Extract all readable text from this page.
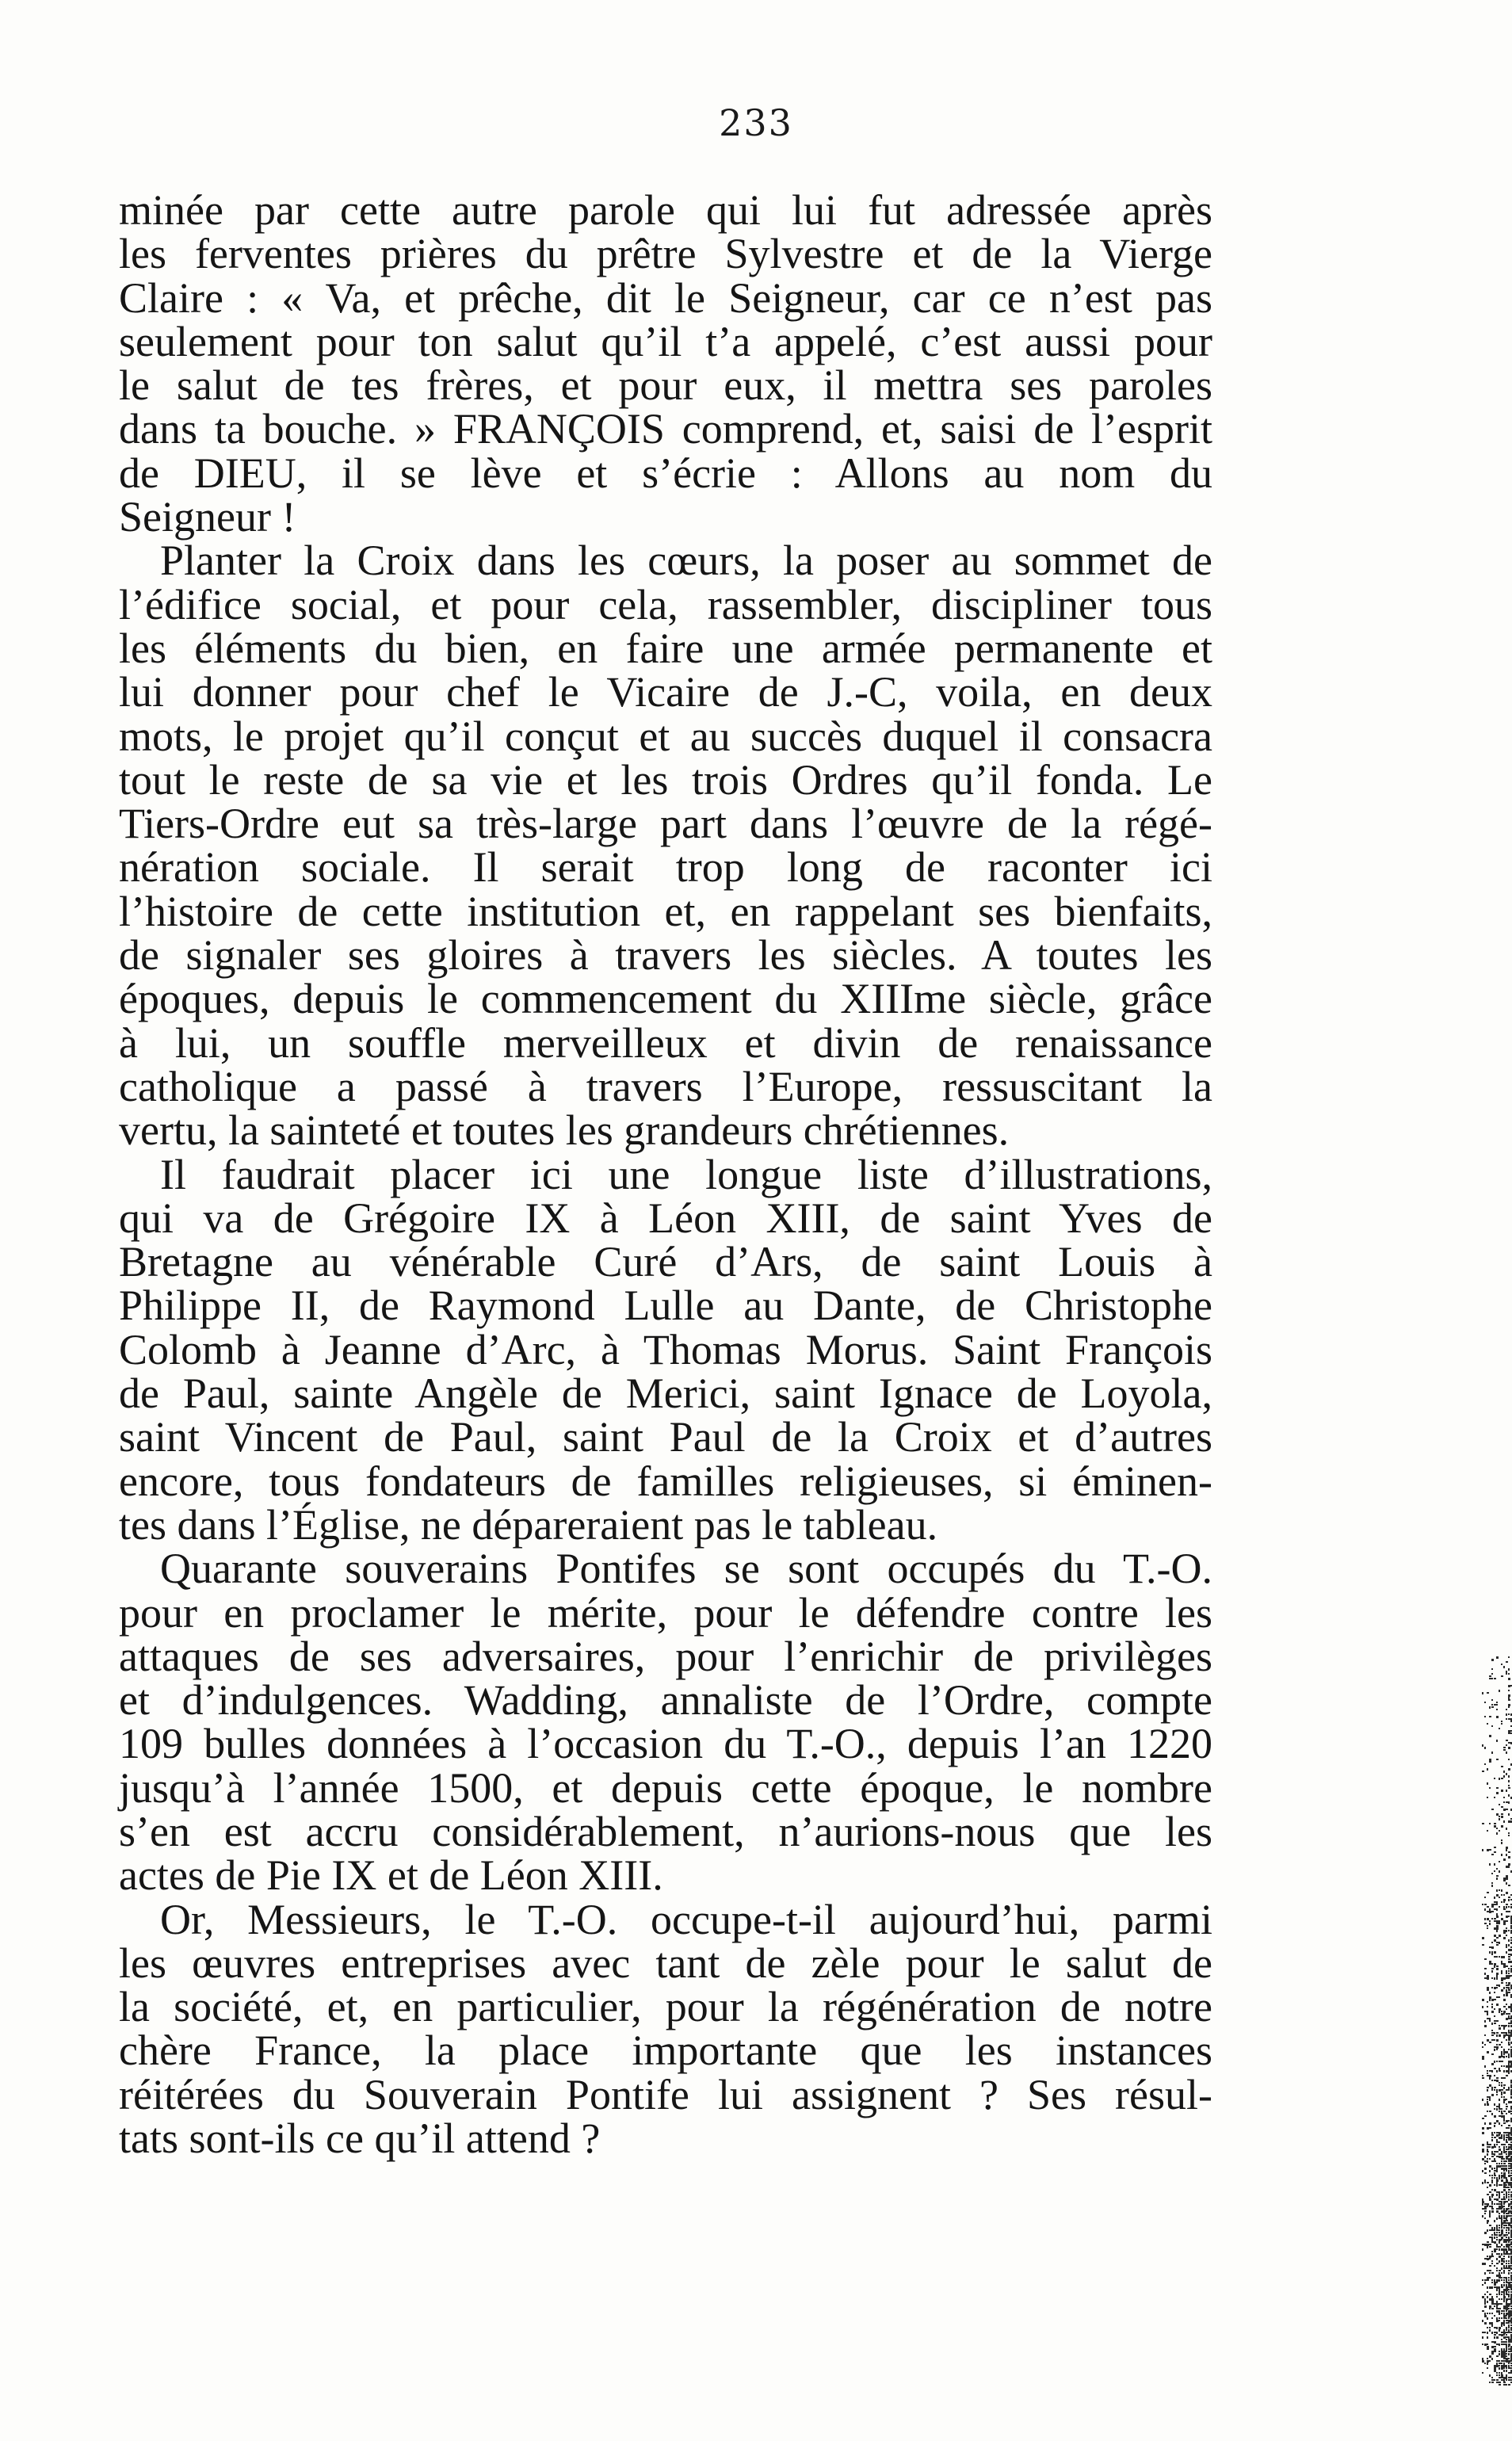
233
minée par cette autre parole qui lui fut adressée après
les ferventes prières du prêtre Sylvestre et de la Vierge
Claire : « Va, et prêche, dit le Seigneur, car ce n’est pas
seulement pour ton salut qu’il t’a appelé, c’est aussi pour
le salut de tes frères, et pour eux, il mettra ses paroles
dans ta bouche. » FRANÇOIS comprend, et, saisi de l’esprit
de DIEU, il se lève et s’écrie : Allons au nom du
Seigneur !
Planter la Croix dans les cœurs, la poser au sommet de
l’édifice social, et pour cela, rassembler, discipliner tous
les éléments du bien, en faire une armée permanente et
lui donner pour chef le Vicaire de J.-C, voila, en deux
mots, le projet qu’il conçut et au succès duquel il consacra
tout le reste de sa vie et les trois Ordres qu’il fonda. Le
Tiers-Ordre eut sa très-large part dans l’œuvre de la régé-
nération sociale. Il serait trop long de raconter ici
l’histoire de cette institution et, en rappelant ses bienfaits,
de signaler ses gloires à travers les siècles. A toutes les
époques, depuis le commencement du XIIIme siècle, grâce
à lui, un souffle merveilleux et divin de renaissance
catholique a passé à travers l’Europe, ressuscitant la
vertu, la sainteté et toutes les grandeurs chrétiennes.
Il faudrait placer ici une longue liste d’illustrations,
qui va de Grégoire IX à Léon XIII, de saint Yves de
Bretagne au vénérable Curé d’Ars, de saint Louis à
Philippe II, de Raymond Lulle au Dante, de Christophe
Colomb à Jeanne d’Arc, à Thomas Morus. Saint François
de Paul, sainte Angèle de Merici, saint Ignace de Loyola,
saint Vincent de Paul, saint Paul de la Croix et d’autres
encore, tous fondateurs de familles religieuses, si éminen-
tes dans l’Église, ne dépareraient pas le tableau.
Quarante souverains Pontifes se sont occupés du T.-O.
pour en proclamer le mérite, pour le défendre contre les
attaques de ses adversaires, pour l’enrichir de privilèges
et d’indulgences. Wadding, annaliste de l’Ordre, compte
109 bulles données à l’occasion du T.-O., depuis l’an 1220
jusqu’à l’année 1500, et depuis cette époque, le nombre
s’en est accru considérablement, n’aurions-nous que les
actes de Pie IX et de Léon XIII.
Or, Messieurs, le T.-O. occupe-t-il aujourd’hui, parmi
les œuvres entreprises avec tant de zèle pour le salut de
la société, et, en particulier, pour la régénération de notre
chère France, la place importante que les instances
réitérées du Souverain Pontife lui assignent ? Ses résul-
tats sont-ils ce qu’il attend ?
